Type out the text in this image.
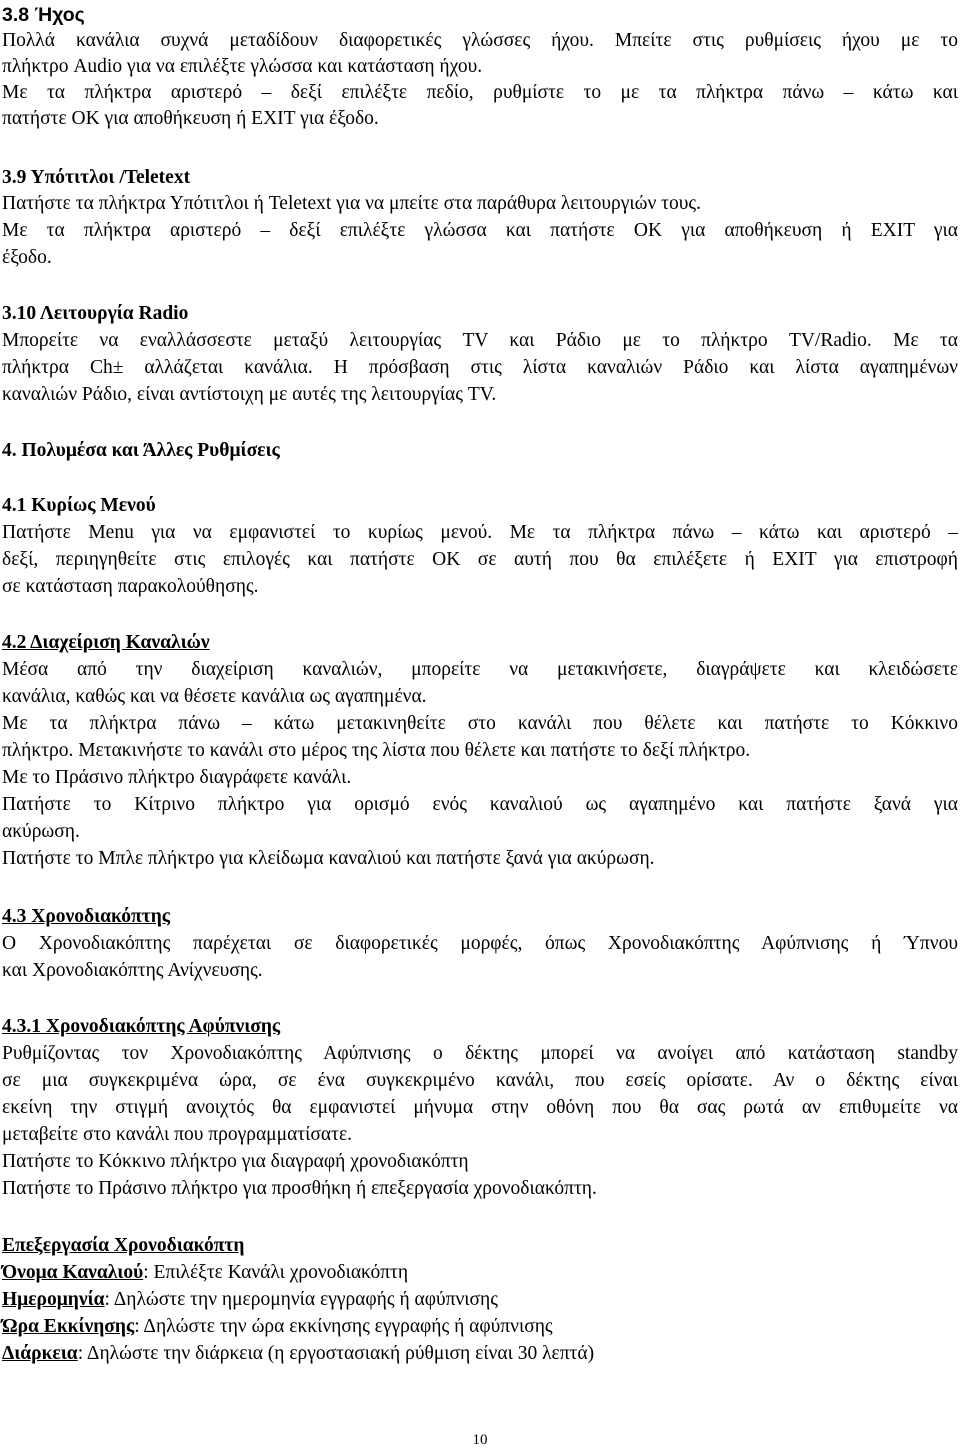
3.8 Ήχος
Πολλά κανάλια συχνά μεταδίδουν διαφορετικές γλώσσες ήχου. Μπείτε στις ρυθμίσεις ήχου με το
πλήκτρο Audio για να επιλέξτε γλώσσα και κατάσταση ήχου.
Με τα πλήκτρα αριστερό – δεξί επιλέξτε πεδίο, ρυθμίστε το με τα πλήκτρα πάνω – κάτω και
πατήστε OK για αποθήκευση ή EXIT για έξοδο.
3.9 Υπότιτλοι /Teletext
Πατήστε τα πλήκτρα Υπότιτλοι ή Teletext για να μπείτε στα παράθυρα λειτουργιών τους.
Με τα πλήκτρα αριστερό – δεξί επιλέξτε γλώσσα και πατήστε OK για αποθήκευση ή EXIT για
έξοδο.
3.10 Λειτουργία Radio
Μπορείτε να εναλλάσσεστε μεταξύ λειτουργίας TV και Ράδιο με το πλήκτρο TV/Radio. Με τα
πλήκτρα Ch± αλλάζεται κανάλια. Η πρόσβαση στις λίστα καναλιών Ράδιο και λίστα αγαπημένων
καναλιών Ράδιο, είναι αντίστοιχη με αυτές της λειτουργίας TV.
4. Πολυμέσα και Άλλες Ρυθμίσεις
4.1 Κυρίως Μενού
Πατήστε Menu για να εμφανιστεί το κυρίως μενού. Με τα πλήκτρα πάνω – κάτω και αριστερό –
δεξί, περιηγηθείτε στις επιλογές και πατήστε OK σε αυτή που θα επιλέξετε ή EXIT για επιστροφή
σε κατάσταση παρακολούθησης.
4.2 Διαχείριση Καναλιών
Μέσα από την διαχείριση καναλιών, μπορείτε να μετακινήσετε, διαγράψετε και κλειδώσετε
κανάλια, καθώς και να θέσετε κανάλια ως αγαπημένα.
Με τα πλήκτρα πάνω – κάτω μετακινηθείτε στο κανάλι που θέλετε και πατήστε το Κόκκινο
πλήκτρο. Μετακινήστε το κανάλι στο μέρος της λίστα που θέλετε και πατήστε το δεξί πλήκτρο.
Με το Πράσινο πλήκτρο διαγράφετε κανάλι.
Πατήστε το Κίτρινο πλήκτρο για ορισμό ενός καναλιού ως αγαπημένο και πατήστε ξανά για
ακύρωση.
Πατήστε το Μπλε πλήκτρο για κλείδωμα καναλιού και πατήστε ξανά για ακύρωση.
4.3 Χρονοδιακόπτης
Ο Χρονοδιακόπτης παρέχεται σε διαφορετικές μορφές, όπως Χρονοδιακόπτης Αφύπνισης ή Ύπνου
και Χρονοδιακόπτης Ανίχνευσης.
4.3.1 Χρονοδιακόπτης Αφύπνισης
Ρυθμίζοντας τον Χρονοδιακόπτης Αφύπνισης ο δέκτης μπορεί να ανοίγει από κατάσταση standby
σε μια συγκεκριμένα ώρα, σε ένα συγκεκριμένο κανάλι, που εσείς ορίσατε. Αν ο δέκτης είναι
εκείνη την στιγμή ανοιχτός θα εμφανιστεί μήνυμα στην οθόνη που θα σας ρωτά αν επιθυμείτε να
μεταβείτε στο κανάλι που προγραμματίσατε.
Πατήστε το Κόκκινο πλήκτρο για διαγραφή χρονοδιακόπτη
Πατήστε το Πράσινο πλήκτρο για προσθήκη ή επεξεργασία χρονοδιακόπτη.
Επεξεργασία Χρονοδιακόπτη
Όνομα Καναλιού: Επιλέξτε Κανάλι χρονοδιακόπτη
Ημερομηνία: Δηλώστε την ημερομηνία εγγραφής ή αφύπνισης
Ώρα Εκκίνησης: Δηλώστε την ώρα εκκίνησης εγγραφής ή αφύπνισης
Διάρκεια: Δηλώστε την διάρκεια (η εργοστασιακή ρύθμιση είναι 30 λεπτά)
10
